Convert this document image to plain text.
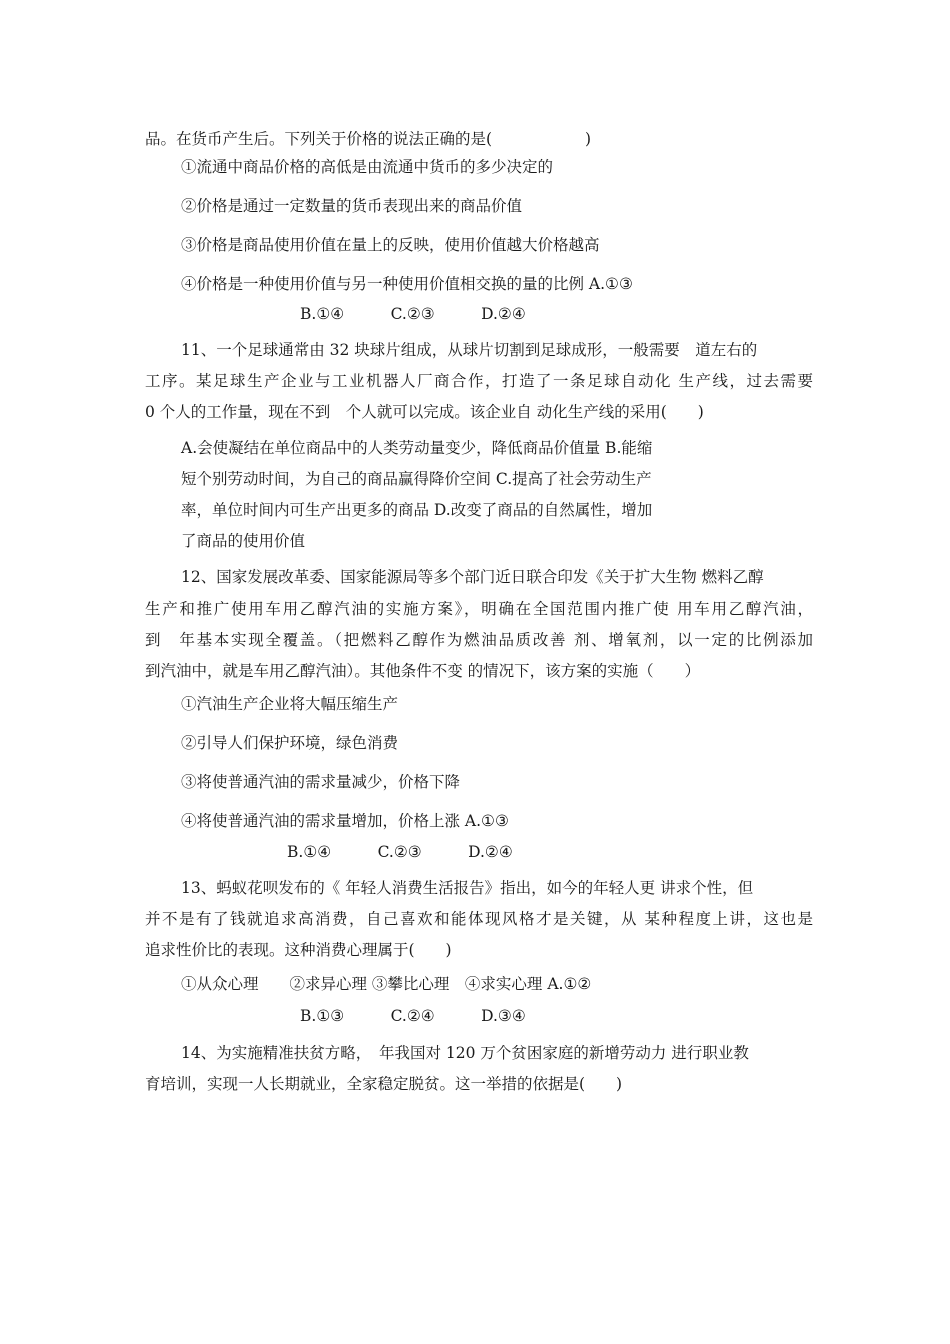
品。在货币产生后。下列关于价格的说法正确的是(　　　　　　)
①流通中商品价格的高低是由流通中货币的多少决定的
②价格是通过一定数量的货币表现出来的商品价值
③价格是商品使用价值在量上的反映，使用价值越大价格越高
④价格是一种使用价值与另一种使用价值相交换的量的比例 A.①③
B.①④　　　C.②③　　　D.②④
11、一个足球通常由 32 块球片组成，从球片切割到足球成形，一般需要　道左右的
工序。某足球生产企业与工业机器人厂商合作，打造了一条足球自动化 生产线，过去需要
0 个人的工作量，现在不到　个人就可以完成。该企业自 动化生产线的采用(　　)
A.会使凝结在单位商品中的人类劳动量变少，降低商品价值量 B.能缩
短个别劳动时间，为自己的商品赢得降价空间 C.提高了社会劳动生产
率，单位时间内可生产出更多的商品 D.改变了商品的自然属性，增加
了商品的使用价值
12、国家发展改革委、国家能源局等多个部门近日联合印发《关于扩大生物 燃料乙醇
生产和推广使用车用乙醇汽油的实施方案》，明确在全国范围内推广使 用车用乙醇汽油，
到　年基本实现全覆盖。（把燃料乙醇作为燃油品质改善 剂、增氧剂，以一定的比例添加
到汽油中，就是车用乙醇汽油）。其他条件不变 的情况下，该方案的实施（　　）
①汽油生产企业将大幅压缩生产
②引导人们保护环境，绿色消费
③将使普通汽油的需求量减少，价格下降
④将使普通汽油的需求量增加，价格上涨 A.①③
B.①④　　　C.②③　　　D.②④
13、蚂蚁花呗发布的《 年轻人消费生活报告》指出，如今的年轻人更 讲求个性，但
并不是有了钱就追求高消费，自己喜欢和能体现风格才是关键，从 某种程度上讲，这也是
追求性价比的表现。这种消费心理属于(　　)
①从众心理　　②求异心理 ③攀比心理　④求实心理 A.①②
B.①③　　　C.②④　　　D.③④
14、为实施精准扶贫方略，　年我国对 120 万个贫困家庭的新增劳动力 进行职业教
育培训，实现一人长期就业，全家稳定脱贫。这一举措的依据是(　　)
